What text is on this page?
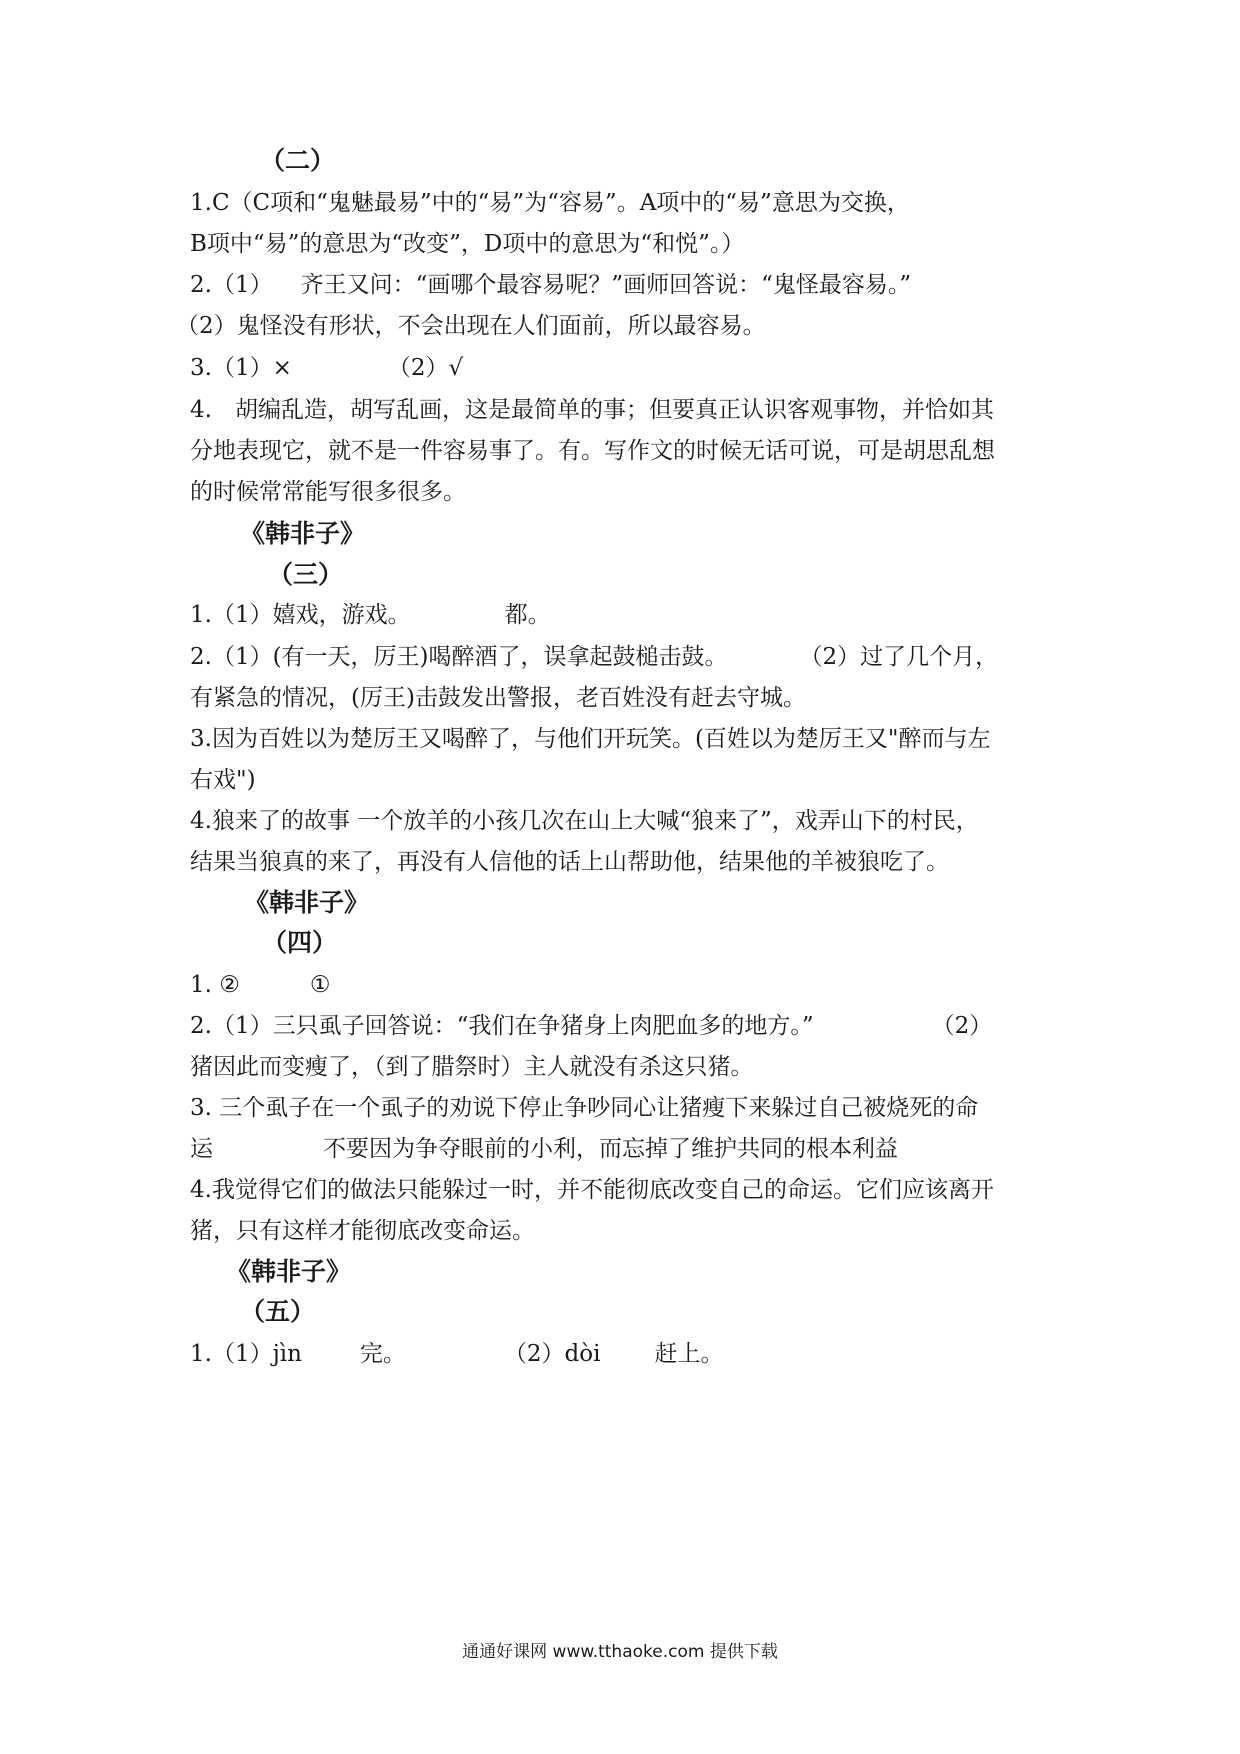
（二）
1.C（C项和“鬼魅最易”中的“易”为“容易”。A项中的“易”意思为交换，
B项中“易”的意思为“改变”，D项中的意思为“和悦”。）
2.（1） 齐王又问：“画哪个最容易呢？”画师回答说：“鬼怪最容易。”
（2）鬼怪没有形状，不会出现在人们面前，所以最容易。
3.（1）×	（2）√
4.　胡编乱造，胡写乱画，这是最简单的事；但要真正认识客观事物，并恰如其
分地表现它，就不是一件容易事了。有。写作文的时候无话可说，可是胡思乱想
的时候常常能写很多很多。
《韩非子》
（三）
1.（1）嬉戏，游戏。	都。
2.（1）(有一天，厉王)喝醉酒了，误拿起鼓槌击鼓。	（2）过了几个月，
有紧急的情况，(厉王)击鼓发出警报，老百姓没有赶去守城。
3.因为百姓以为楚厉王又喝醉了，与他们开玩笑。(百姓以为楚厉王又"醉而与左
右戏")
4.狼来了的故事 一个放羊的小孩几次在山上大喊“狼来了”，戏弄山下的村民，
结果当狼真的来了，再没有人信他的话上山帮助他，结果他的羊被狼吃了。
《韩非子》
（四）
1. ②	①
2.（1）三只虱子回答说：“我们在争猪身上肉肥血多的地方。”	（2）
猪因此而变瘦了，（到了腊祭时）主人就没有杀这只猪。
3. 三个虱子在一个虱子的劝说下停止争吵同心让猪瘦下来躲过自己被烧死的命
运	不要因为争夺眼前的小利，而忘掉了维护共同的根本利益
4.我觉得它们的做法只能躲过一时，并不能彻底改变自己的命运。它们应该离开
猪，只有这样才能彻底改变命运。
《韩非子》
（五）
1.（1）jìn	完。	（2）dòi 赶上。
通通好课网 www.tthaoke.com 提供下载
